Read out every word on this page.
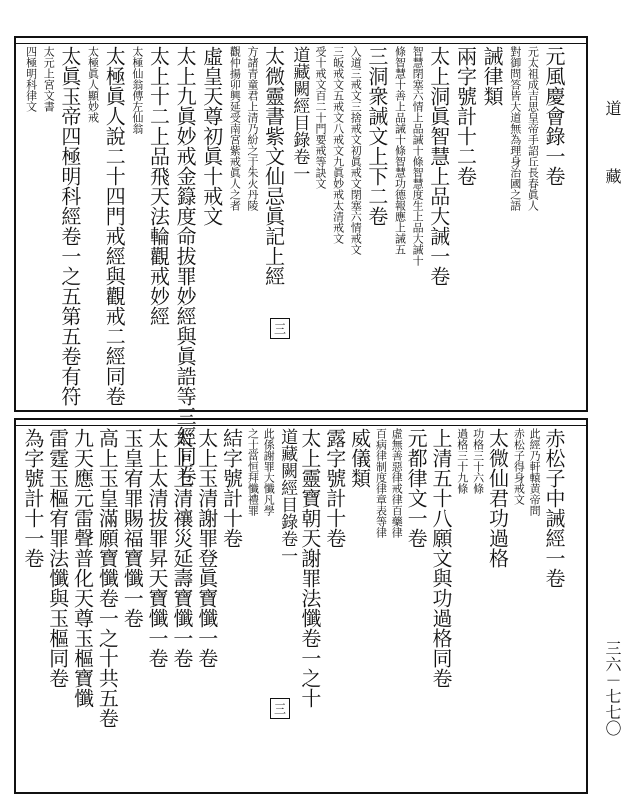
元風慶會錄一卷
元太祖成吉思皇帝手詔丘長春眞人
對御問答皆大道無為理身治國之語
誡律類
兩字號計十二卷
太上洞眞智慧上品大誡一卷
智慧閉塞六情上品誡十條智慧度生上品大誡十
條智慧十善上品誡十條智慧功德報應上誡五
三洞衆誡文上下二卷
入道三戒文三捨戒文初眞戒文閉塞六情戒文
三皈戒文五戒文八戒文九眞妙戒太清戒文
受十戒文百二十門要戒等訣文
道藏闕經目錄卷一
太微靈書紫文仙忌眞記上經
方諸青童君上清乃紛之于朱火丹陵
觀仲揚卯興延受南宮紫戒眞人之者
虛皇天尊初眞十戒文
太上九眞妙戒金籙度命拔罪妙經與眞誥等三經同卷
太上十二上品飛天法輪觀戒妙經
太極仙翁傳左仙翁
太極眞人說二十四門戒經與觀戒二經同卷
太極眞人顯妙戒
太眞玉帝四極明科經卷一之五第五卷有符
太元上宮文書
四極明科律文
赤松子中誡經一卷
此經乃軒轅黄帝問
赤松子得身戒文
太微仙君功過格
功格三十六條
過格三十九條
上清五十八願文與功過格同卷
元都律文一卷
虛無善惡律戒律百藥律
百病律制度律章表等律
威儀類
露字號計十卷
太上靈寶朝天謝罪法懺卷一之十
道藏闕經目錄卷一
此係謝罪大懺凡學
之士當恒拜懺禮罪
結字號計十卷
太上玉清謝罪登眞寶懺一卷
太上上清禳災延壽寶懺一卷
太上太清拔罪昇天寶懺一卷
玉皇宥罪賜福寶懺一卷
高上玉皇滿願寶懺卷一之十共五卷
九天應元雷聲普化天尊玉樞寶懺
雷霆玉樞宥罪法懺與玉樞同卷
為字號計十一卷
道　藏
三六－七七〇
三
三
